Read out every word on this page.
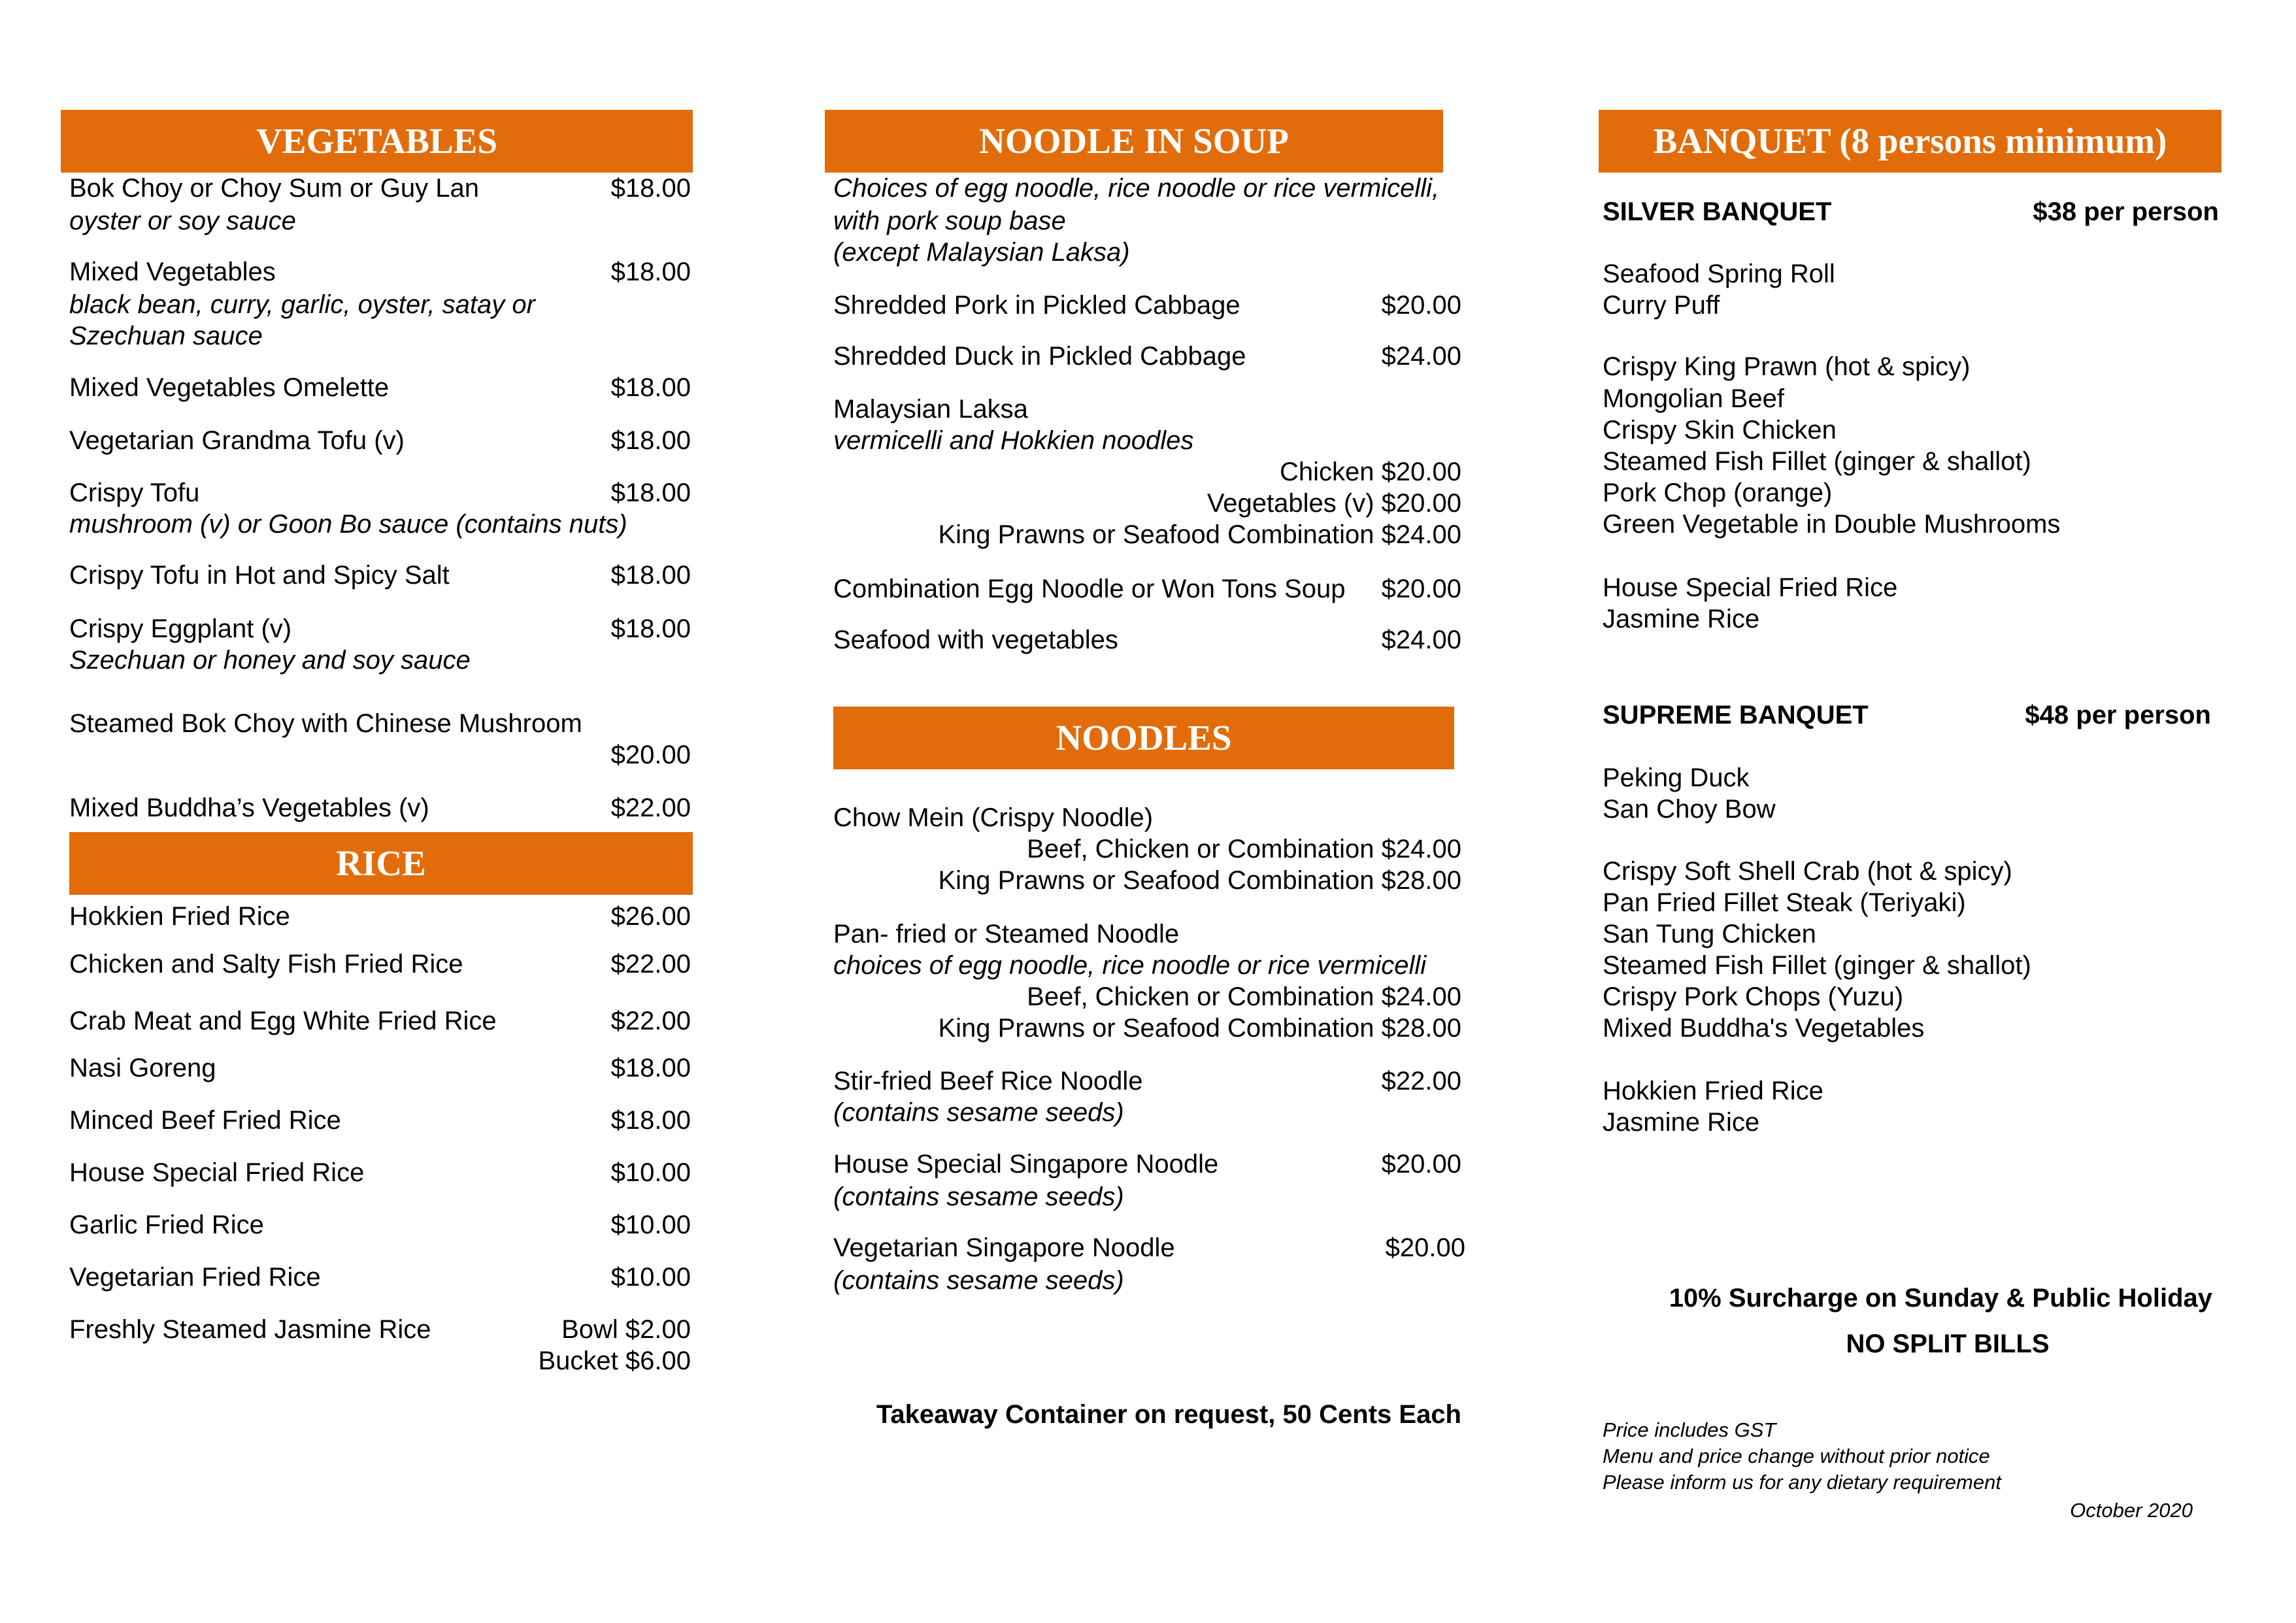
VEGETABLES
Bok Choy or Choy Sum or Guy Lan	$18.00
oyster or soy sauce
Mixed Vegetables	$18.00
black bean, curry, garlic, oyster, satay or
Szechuan sauce
Mixed Vegetables Omelette	$18.00
Vegetarian Grandma Tofu (v)	$18.00
Crispy Tofu	$18.00
mushroom (v) or Goon Bo sauce (contains nuts)
Crispy Tofu in Hot and Spicy Salt	$18.00
Crispy Eggplant (v)	$18.00
Szechuan or honey and soy sauce
Steamed Bok Choy with Chinese Mushroom
$20.00
Mixed Buddha’s Vegetables (v)	$22.00
RICE
Hokkien Fried Rice	$26.00
Chicken and Salty Fish Fried Rice	$22.00
Crab Meat and Egg White Fried Rice	$22.00
Nasi Goreng	$18.00
Minced Beef Fried Rice	$18.00
House Special Fried Rice	$10.00
Garlic Fried Rice	$10.00
Vegetarian Fried Rice	$10.00
Freshly Steamed Jasmine Rice	Bowl $2.00
Bucket $6.00
NOODLE IN SOUP
Choices of egg noodle, rice noodle or rice vermicelli,
with pork soup base
(except Malaysian Laksa)
Shredded Pork in Pickled Cabbage	$20.00
Shredded Duck in Pickled Cabbage	$24.00
Malaysian Laksa
vermicelli and Hokkien noodles
Chicken $20.00
Vegetables (v) $20.00
King Prawns or Seafood Combination $24.00
Combination Egg Noodle or Won Tons Soup	$20.00
Seafood with vegetables	$24.00
NOODLES
Chow Mein (Crispy Noodle)
Beef, Chicken or Combination $24.00
King Prawns or Seafood Combination $28.00
Pan- fried or Steamed Noodle
choices of egg noodle, rice noodle or rice vermicelli
Beef, Chicken or Combination $24.00
King Prawns or Seafood Combination $28.00
Stir-fried Beef Rice Noodle	$22.00
(contains sesame seeds)
House Special Singapore Noodle	$20.00
(contains sesame seeds)
Vegetarian Singapore Noodle	$20.00
(contains sesame seeds)
Takeaway Container on request, 50 Cents Each
BANQUET (8 persons minimum)
SILVER BANQUET	$38 per person
Seafood Spring Roll
Curry Puff
Crispy King Prawn (hot & spicy)
Mongolian Beef
Crispy Skin Chicken
Steamed Fish Fillet (ginger & shallot)
Pork Chop (orange)
Green Vegetable in Double Mushrooms
House Special Fried Rice
Jasmine Rice
SUPREME BANQUET	$48 per person
Peking Duck
San Choy Bow
Crispy Soft Shell Crab (hot & spicy)
Pan Fried Fillet Steak (Teriyaki)
San Tung Chicken
Steamed Fish Fillet (ginger & shallot)
Crispy Pork Chops (Yuzu)
Mixed Buddha's Vegetables
Hokkien Fried Rice
Jasmine Rice
10% Surcharge on Sunday & Public Holiday
NO SPLIT BILLS
Price includes GST
Menu and price change without prior notice
Please inform us for any dietary requirement
October 2020
